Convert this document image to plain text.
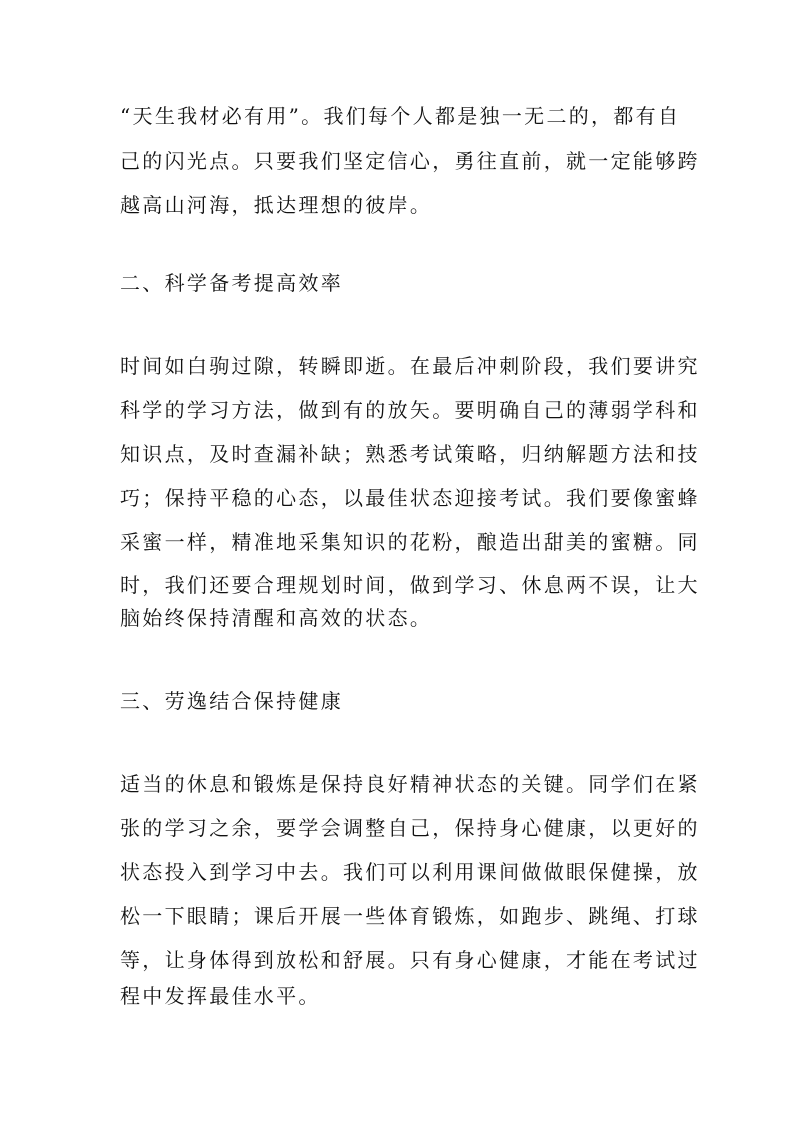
“天生我材必有用”。我们每个人都是独一无二的，都有自
己的闪光点。只要我们坚定信心，勇往直前，就一定能够跨
越高山河海，抵达理想的彼岸。
二、科学备考提高效率
时间如白驹过隙，转瞬即逝。在最后冲刺阶段，我们要讲究
科学的学习方法，做到有的放矢。要明确自己的薄弱学科和
知识点，及时查漏补缺；熟悉考试策略，归纳解题方法和技
巧；保持平稳的心态，以最佳状态迎接考试。我们要像蜜蜂
采蜜一样，精准地采集知识的花粉，酿造出甜美的蜜糖。同
时，我们还要合理规划时间，做到学习、休息两不误，让大
脑始终保持清醒和高效的状态。
三、劳逸结合保持健康
适当的休息和锻炼是保持良好精神状态的关键。同学们在紧
张的学习之余，要学会调整自己，保持身心健康，以更好的
状态投入到学习中去。我们可以利用课间做做眼保健操，放
松一下眼睛；课后开展一些体育锻炼，如跑步、跳绳、打球
等，让身体得到放松和舒展。只有身心健康，才能在考试过
程中发挥最佳水平。
